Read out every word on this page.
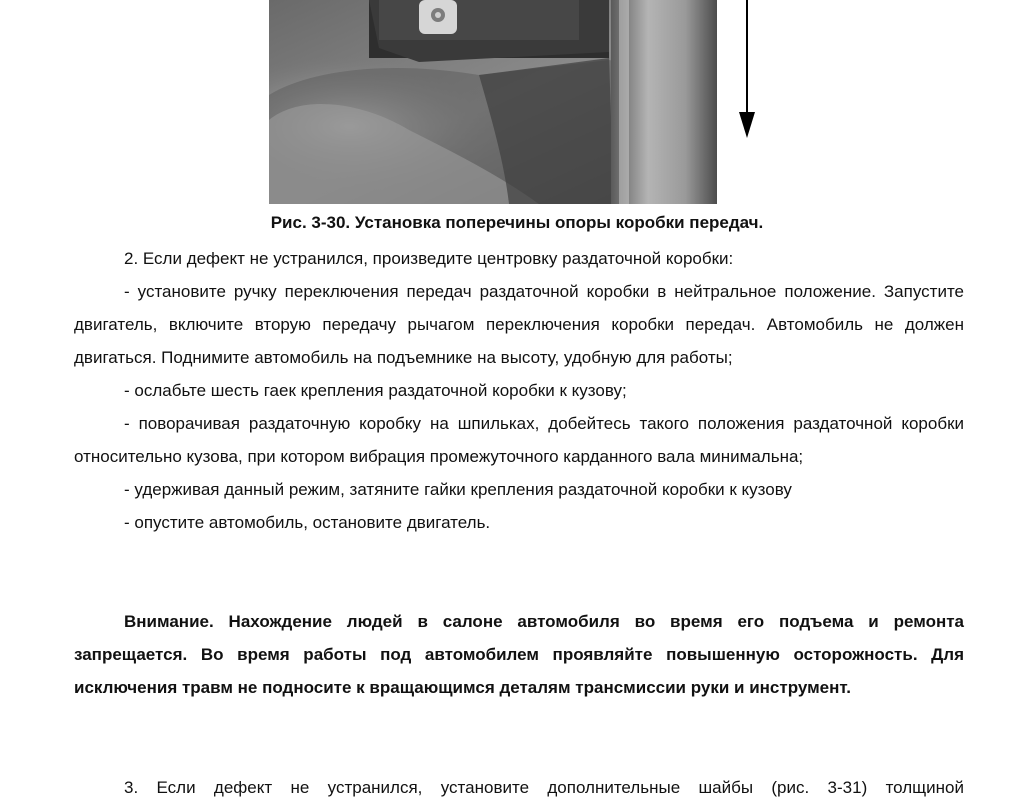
Рис. 3-30. Установка поперечины опоры коробки передач.

2. Если дефект не устранился, произведите центровку раздаточной коробки:

- установите ручку переключения передач раздаточной коробки в нейтральное положение. Запустите двигатель, включите вторую передачу рычагом переключения коробки передач. Автомобиль не должен двигаться. Поднимите автомобиль на подъемнике на высоту, удобную для работы;

- ослабьте шесть гаек крепления раздаточной коробки к кузову;

- поворачивая раздаточную коробку на шпильках, добейтесь такого положения раздаточной коробки относительно кузова, при котором вибрация промежуточного карданного вала минимальна;

- удерживая данный режим, затяните гайки крепления раздаточной коробки к кузову

- опустите автомобиль, остановите двигатель.

Внимание. Нахождение людей в салоне автомобиля во время его подъема и ремонта запрещается. Во время работы под автомобилем проявляйте повышенную осторожность. Для исключения травм не подносите к вращающимся деталям трансмиссии руки и инструмент.

3. Если дефект не устранился, установите дополнительные шайбы (рис. 3-31) толщиной
